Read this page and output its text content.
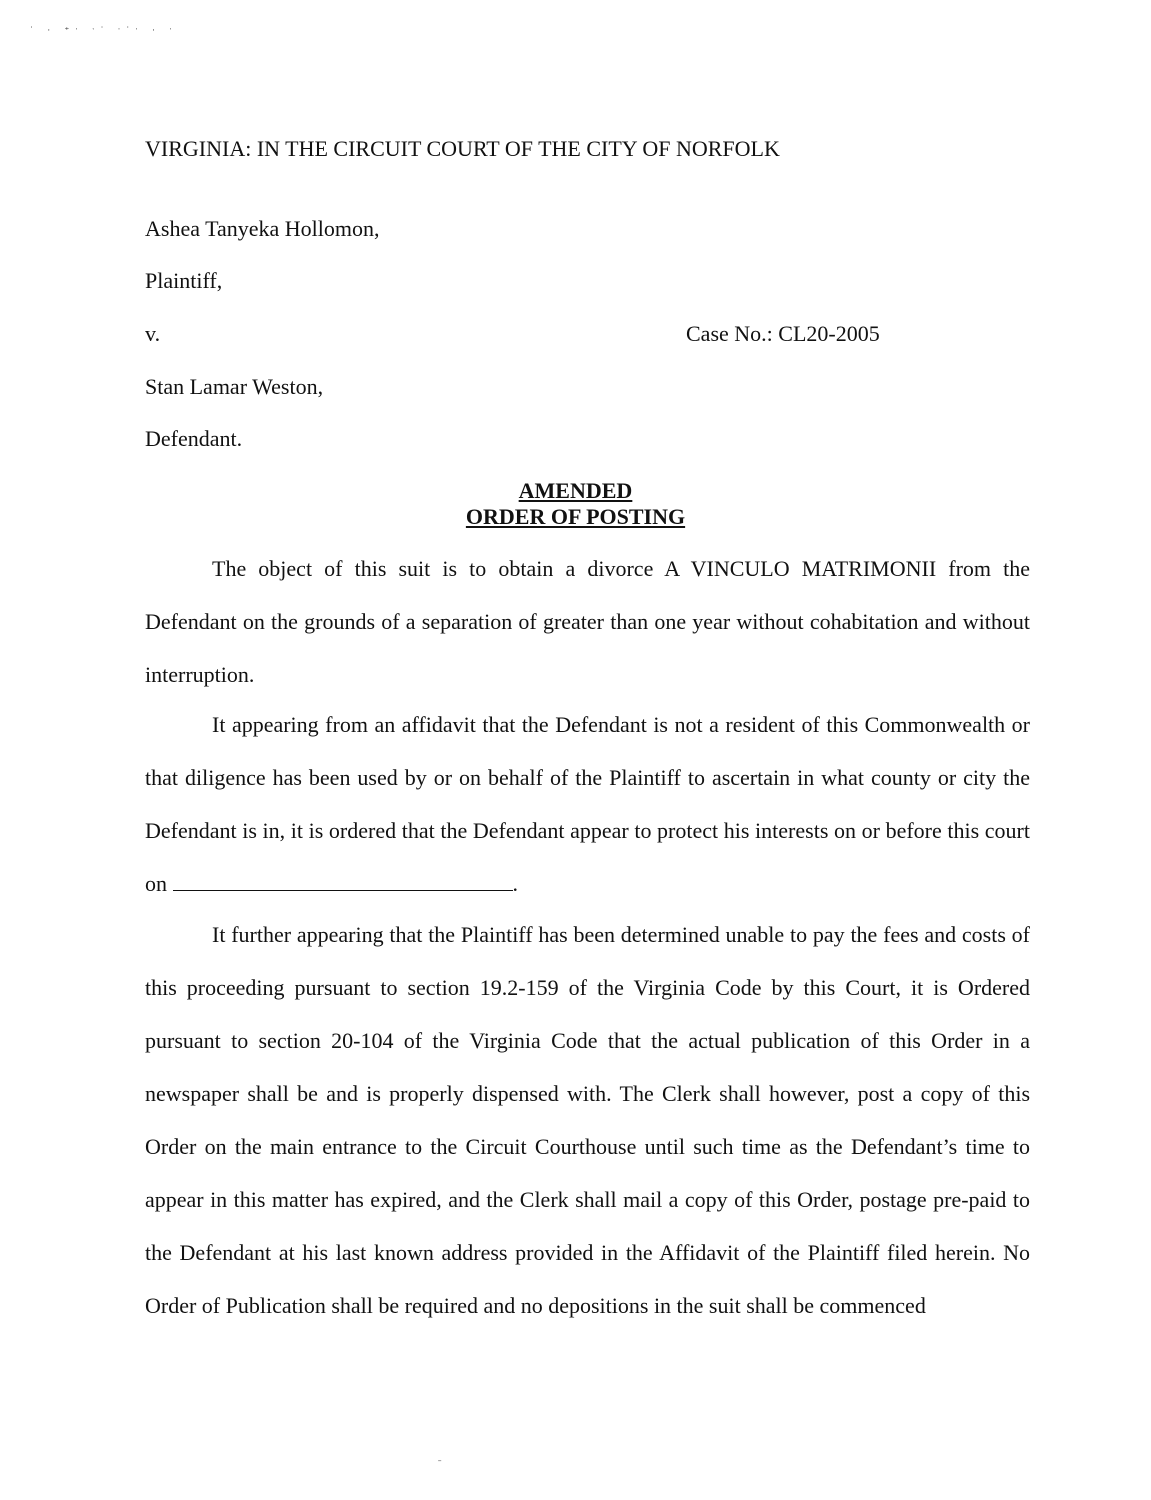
˙ · ⁺ˑ ˑ˙ ˑ˙ˑ · ˑ
VIRGINIA: IN THE CIRCUIT COURT OF THE CITY OF NORFOLK
Ashea Tanyeka Hollomon,
Plaintiff,
v.	Case No.: CL20-2005
Stan Lamar Weston,
Defendant.
AMENDED
ORDER OF POSTING
The object of this suit is to obtain a divorce A VINCULO MATRIMONII from the Defendant on the grounds of a separation of greater than one year without cohabitation and without interruption.
It appearing from an affidavit that the Defendant is not a resident of this Commonwealth or that diligence has been used by or on behalf of the Plaintiff to ascertain in what county or city the Defendant is in, it is ordered that the Defendant appear to protect his interests on or before this court on	.
It further appearing that the Plaintiff has been determined unable to pay the fees and costs of this proceeding pursuant to section 19.2-159 of the Virginia Code by this Court, it is Ordered pursuant to section 20-104 of the Virginia Code that the actual publication of this Order in a newspaper shall be and is properly dispensed with. The Clerk shall however, post a copy of this Order on the main entrance to the Circuit Courthouse until such time as the Defendant’s time to appear in this matter has expired, and the Clerk shall mail a copy of this Order, postage pre-paid to the Defendant at his last known address provided in the Affidavit of the Plaintiff filed herein. No Order of Publication shall be required and no depositions in the suit shall be commenced
ˉ
